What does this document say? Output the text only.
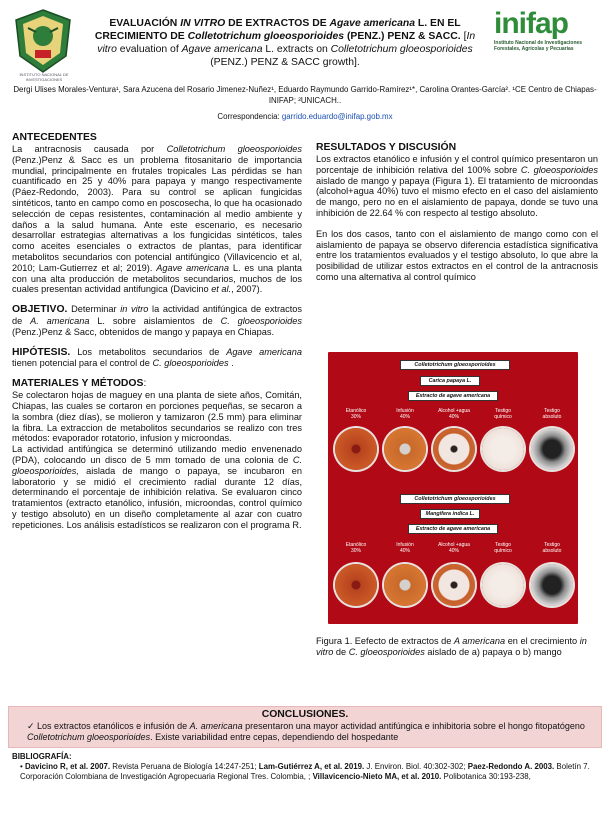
INSTITUTO NACIONAL DE INVESTIGACIONES
EVALUACIÓN IN VITRO DE EXTRACTOS DE Agave americana L. EN EL CRECIMIENTO DE Colletotrichum gloeosporioides (PENZ.) PENZ & SACC. [In vitro evaluation of Agave americana L. extracts on Colletotrichum gloeosporioides (PENZ.) PENZ & SACC growth].
inifap
Instituto Nacional de Investigaciones Forestales, Agrícolas y Pecuarias
Dergi Ulises Morales-Ventura¹, Sara Azucena del Rosario Jimenez-Nuñez¹, Eduardo Raymundo Garrido-Ramírez¹*, Carolina Orantes-García². ¹CE Centro de Chiapas-INIFAP; ²UNICACH..
Correspondencia: garrido.eduardo@inifap.gob.mx
ANTECEDENTES

La antracnosis causada por Colletotrichum gloeosporioides (Penz.)Penz & Sacc es un problema fitosanitario de importancia mundial, principalmente en frutales tropicales Las pérdidas se han cuantificado en 25 y 40% para papaya y mango respectivamente (Páez-Redondo, 2003). Para su control se aplican fungicidas sintéticos, tanto en campo como en poscosecha, lo que ha ocasionado selección de cepas resistentes, contaminación al medio ambiente y daños a la salud humana. Ante este escenario, es necesario desarrollar estrategias alternativas a los fungicidas sintéticos, tales como aceites esenciales o extractos de plantas, para identificar metabolitos secundarios con potencial antifúngico (Villavicencio et al, 2010; Lam-Gutierrez et al; 2019). Agave americana L. es una planta con una alta producción de metabolitos secundarios, muchos de los cuales presentan actividad antifungica (Davicino et al., 2007).

OBJETIVO. Determinar in vitro la actividad antifúngica de extractos de A. americana L. sobre aislamientos de C. gloeosporioides (Penz.)Penz & Sacc, obtenidos de mango y papaya en Chiapas.

HIPÓTESIS. Los metabolitos secundarios de Agave americana tienen potencial para el control de C. gloeosporioides .

MATERIALES Y MÉTODOS:

Se colectaron hojas de maguey en una planta de siete años, Comitán, Chiapas, las cuales se cortaron en porciones pequeñas, se secaron a la sombra (diez días), se molieron y tamizaron (2.5 mm) para eliminar la fibra. La extraccion de metabolitos secundarios se realizo con tres métodos: evaporador rotatorio, infusion y microondas.

La actividad antifúngica se determinó utilizando medio envenenado (PDA), colocando un disco de 5 mm tomado de una colonia de C. gloeosporioides, aislada de mango o papaya, se incubaron en laboratorio y se midió el crecimiento radial durante 12 días, determinando el porcentaje de inhibición relativa. Se evaluaron cinco tratamientos (extracto etanólico, infusión, microondas, control químico y testigo absoluto) en un diseño completamente al azar con cuatro repeticiones. Los análisis estadísticos se realizaron con el programa R.

RESULTADOS Y DISCUSIÓN

Los extractos etanólico e infusión y el control químico presentaron un porcentaje de inhibición relativa del 100% sobre C. gloeosporioides aislado de mango y papaya (Figura 1). El tratamiento de microondas (alcohol+agua 40%) tuvo el mismo efecto en el caso del aislamiento de mango, pero no en el aislamiento de papaya, donde se tuvo una inhibición de 22.64 % con respecto al testigo absoluto.

En los dos casos, tanto con el aislamiento de mango como con el aislamiento de papaya se observo diferencia estadística significativa entre los tratamientos evaluados y el testigo absoluto, lo que abre la posibilidad de utilizar estos extractos en el control de la antracnosis como una alternativa al control químico

Colletotrichum gloeosporioides
Carica papaya L.
Extracto de agave americana
Colletotrichum gloeosporioides
Mangifera indica L.
Extracto de agave americana
Etanólico
30%
Infusión
40%
Alcohol +agua
40%
Testigo
químico
Testigo
absoluto
Etanólico
30%
Infusión
40%
Alcohol +agua
40%
Testigo
químico
Testigo
absoluto
Figura 1. Eefecto de extractos de A americana en el crecimiento in vitro de C. gloeosporioides aislado de a) papaya o b) mango
CONCLUSIONES.

✓ Los extractos etanólicos e infusión de A. americana presentaron una mayor actividad antifúngica e inhibitoria sobre el hongo fitopatógeno Colletotrichum gloeosporioides. Existe variabilidad entre cepas, dependiendo del hospedante

BIBLIOGRAFÍA:
• Davicino R, et al. 2007. Revista Peruana de Biología 14:247-251; Lam-Gutiérrez A, et al. 2019. J. Environ. Biol. 40:302-302; Paez-Redondo A. 2003. Boletín 7. Corporación Colombiana de Investigación Agropecuaria Regional Tres. Colombia, ; Villavicencio-Nieto MA, et al. 2010. Polibotanica 30:193-238,
